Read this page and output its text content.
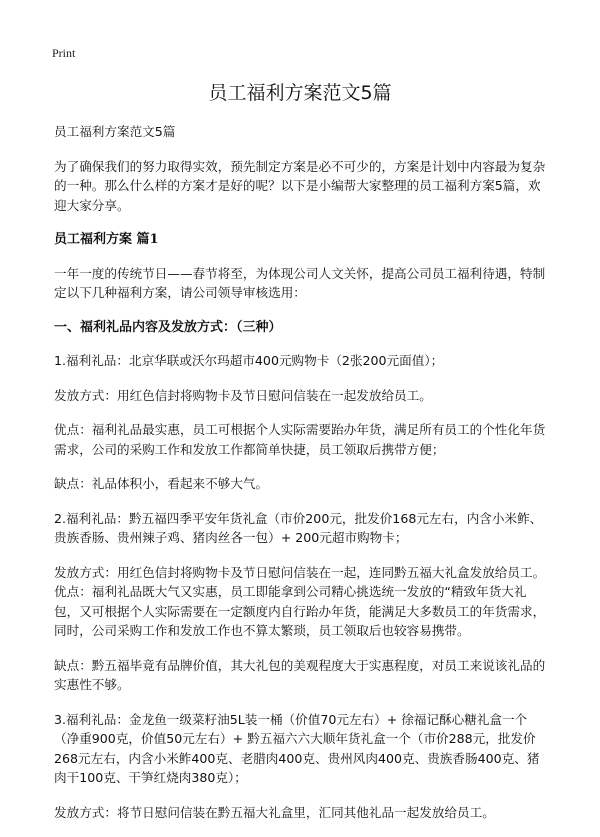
Print
员工福利方案范文5篇

员工福利方案范文5篇

为了确保我们的努力取得实效，预先制定方案是必不可少的，方案是计划中内容最为复杂的一种。那么什么样的方案才是好的呢？以下是小编帮大家整理的员工福利方案5篇，欢迎大家分享。

员工福利方案 篇1

一年一度的传统节日——春节将至，为体现公司人文关怀，提高公司员工福利待遇，特制定以下几种福利方案，请公司领导审核选用：

一、福利礼品内容及发放方式：（三种）

1.福利礼品：北京华联或沃尔玛超市400元购物卡（2张200元面值）；

发放方式：用红色信封将购物卡及节日慰问信装在一起发放给员工。

优点：福利礼品最实惠，员工可根据个人实际需要跆办年货，满足所有员工的个性化年货需求，公司的采购工作和发放工作都简单快捷，员工领取后携带方便；

缺点：礼品体积小，看起来不够大气。

2.福利礼品：黔五福四季平安年货礼盒（市价200元，批发价168元左右，内含小米鲊、贵族香肠、贵州辣子鸡、猪肉丝各一包）+ 200元超市购物卡；

发放方式：用红色信封将购物卡及节日慰问信装在一起，连同黔五福大礼盒发放给员工。 优点：福利礼品既大气又实惠，员工即能拿到公司精心挑选统一发放的“精致年货大礼包，又可根据个人实际需要在一定额度内自行跆办年货，能满足大多数员工的年货需求，同时，公司采购工作和发放工作也不算太繁琐，员工领取后也较容易携带。

缺点：黔五福毕竟有品牌价值，其大礼包的美观程度大于实惠程度，对员工来说该礼品的实惠性不够。

3.福利礼品：金龙鱼一级菜籽油5L装一桶（价值70元左右）+ 徐福记酥心糖礼盒一个（净重900克，价值50元左右）+ 黔五福六六大顺年货礼盒一个（市价288元，批发价268元左右，内含小米鲊400克、老腊肉400克、贵州风肉400克、贵族香肠400克、猪肉干100克、干笋红烧肉380克）；

发放方式：将节日慰问信装在黔五福大礼盒里，汇同其他礼品一起发放给员工。
